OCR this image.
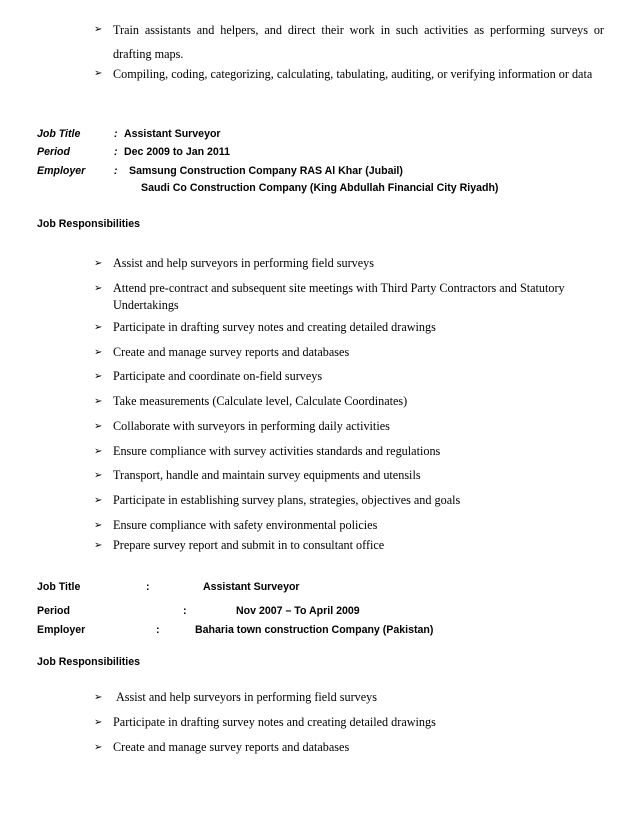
➢ Train assistants and helpers, and direct their work in such activities as performing surveys or drafting maps.
➢ Compiling, coding, categorizing, calculating, tabulating, auditing, or verifying information or data
Job Title	: Assistant Surveyor
Period	: Dec 2009 to Jan 2011
Employer	: Samsung Construction Company RAS Al Khar (Jubail)
Saudi Co Construction Company (King Abdullah Financial City Riyadh)
Job Responsibilities
➢ Assist and help surveyors in performing field surveys
➢ Attend pre-contract and subsequent site meetings with Third Party Contractors and Statutory Undertakings
➢ Participate in drafting survey notes and creating detailed drawings
➢ Create and manage survey reports and databases
➢ Participate and coordinate on-field surveys
➢ Take measurements (Calculate level, Calculate Coordinates)
➢ Collaborate with surveyors in performing daily activities
➢ Ensure compliance with survey activities standards and regulations
➢ Transport, handle and maintain survey equipments and utensils
➢ Participate in establishing survey plans, strategies, objectives and goals
➢ Ensure compliance with safety environmental policies
➢ Prepare survey report and submit in to consultant office
Job Title	:	Assistant Surveyor
Period	:	Nov 2007 – To April 2009
Employer	:	Baharia town construction Company (Pakistan)
Job Responsibilities
➢ Assist and help surveyors in performing field surveys
➢ Participate in drafting survey notes and creating detailed drawings
➢ Create and manage survey reports and databases
